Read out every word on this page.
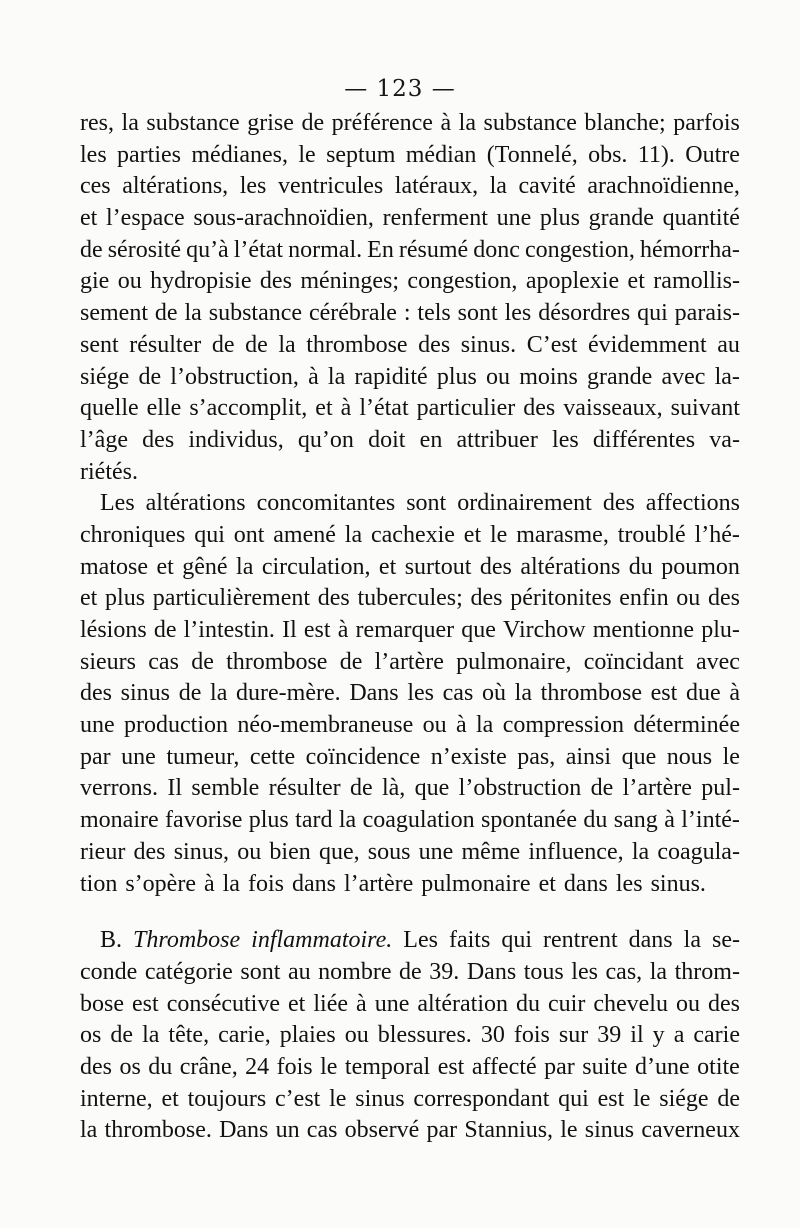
— 123 —
res, la substance grise de préférence à la substance blanche; parfois
les parties médianes, le septum médian (Tonnelé, obs. 11). Outre
ces altérations, les ventricules latéraux, la cavité arachnoïdienne,
et l’espace sous-arachnoïdien, renferment une plus grande quantité
de sérosité qu’à l’état normal. En résumé donc congestion, hémorrha-
gie ou hydropisie des méninges; congestion, apoplexie et ramollis-
sement de la substance cérébrale : tels sont les désordres qui parais-
sent résulter de de la thrombose des sinus. C’est évidemment au
siége de l’obstruction, à la rapidité plus ou moins grande avec la-
quelle elle s’accomplit, et à l’état particulier des vaisseaux, suivant
l’âge des individus, qu’on doit en attribuer les différentes va-
riétés.
Les altérations concomitantes sont ordinairement des affections
chroniques qui ont amené la cachexie et le marasme, troublé l’hé-
matose et gêné la circulation, et surtout des altérations du poumon
et plus particulièrement des tubercules; des péritonites enfin ou des
lésions de l’intestin. Il est à remarquer que Virchow mentionne plu-
sieurs cas de thrombose de l’artère pulmonaire, coïncidant avec
des sinus de la dure-mère. Dans les cas où la thrombose est due à
une production néo-membraneuse ou à la compression déterminée
par une tumeur, cette coïncidence n’existe pas, ainsi que nous le
verrons. Il semble résulter de là, que l’obstruction de l’artère pul-
monaire favorise plus tard la coagulation spontanée du sang à l’inté-
rieur des sinus, ou bien que, sous une même influence, la coagula-
tion s’opère à la fois dans l’artère pulmonaire et dans les sinus.
B. Thrombose inflammatoire. Les faits qui rentrent dans la se-
conde catégorie sont au nombre de 39. Dans tous les cas, la throm-
bose est consécutive et liée à une altération du cuir chevelu ou des
os de la tête, carie, plaies ou blessures. 30 fois sur 39 il y a carie
des os du crâne, 24 fois le temporal est affecté par suite d’une otite
interne, et toujours c’est le sinus correspondant qui est le siége de
la thrombose. Dans un cas observé par Stannius, le sinus caverneux
